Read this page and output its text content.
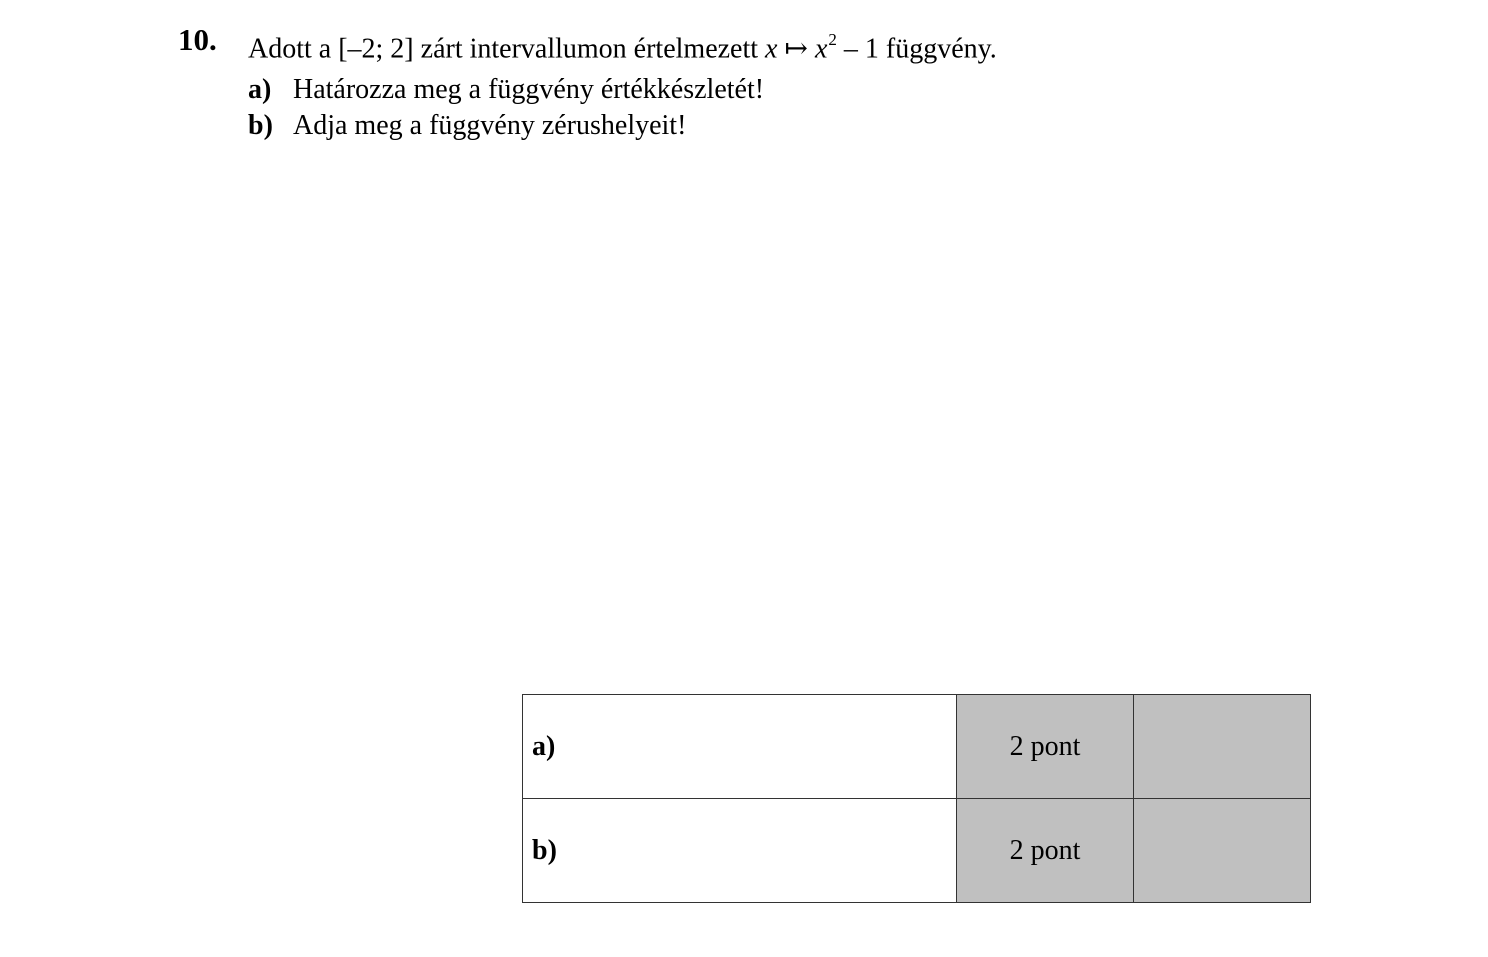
10. Adott a [–2; 2] zárt intervallumon értelmezett x ↦ $x^2 - 1$ függvény.
a) Határozza meg a függvény értékkészletét!
b) Adja meg a függvény zérushelyeit!
a)	2 pont	
b)	2 pont	
